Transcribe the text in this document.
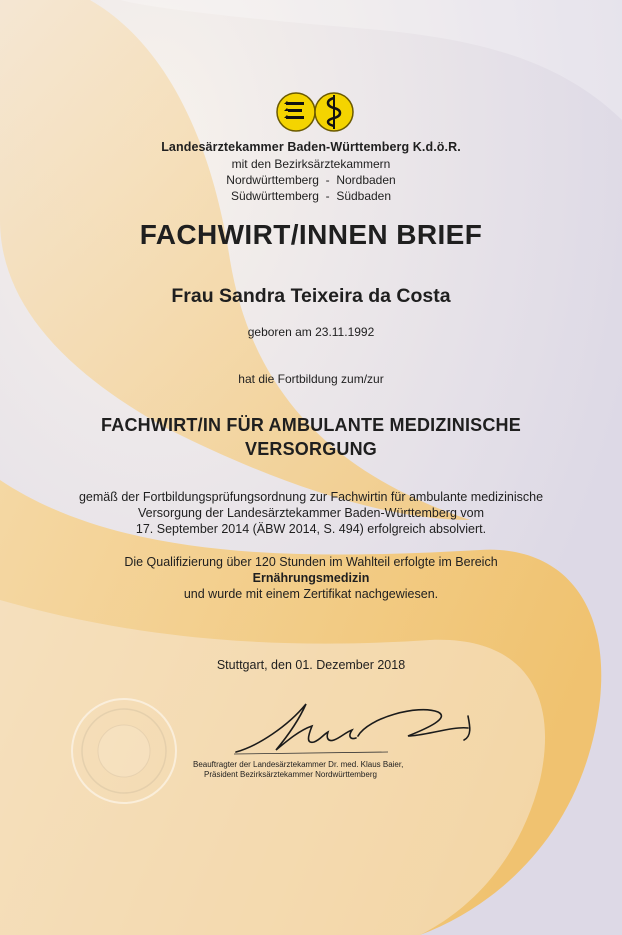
Landesärztekammer Baden-Württemberg K.d.ö.R.
mit den Bezirksärztekammern
Nordwürttemberg  -  Nordbaden
Südwürttemberg  -  Südbaden
FACHWIRT/INNEN BRIEF
Frau Sandra Teixeira da Costa
geboren am 23.11.1992
hat die Fortbildung zum/zur
FACHWIRT/IN FÜR AMBULANTE MEDIZINISCHE
VERSORGUNG
gemäß der Fortbildungsprüfungsordnung zur Fachwirtin für ambulante medizinische
Versorgung der Landesärztekammer Baden-Württemberg vom
17. September 2014 (ÄBW 2014, S. 494) erfolgreich absolviert.
Die Qualifizierung über 120 Stunden im Wahlteil erfolgte im Bereich
Ernährungsmedizin
und wurde mit einem Zertifikat nachgewiesen.
Stuttgart, den 01. Dezember 2018
Beauftragter der Landesärztekammer Dr. med. Klaus Baier,
Präsident Bezirksärztekammer Nordwürttemberg
